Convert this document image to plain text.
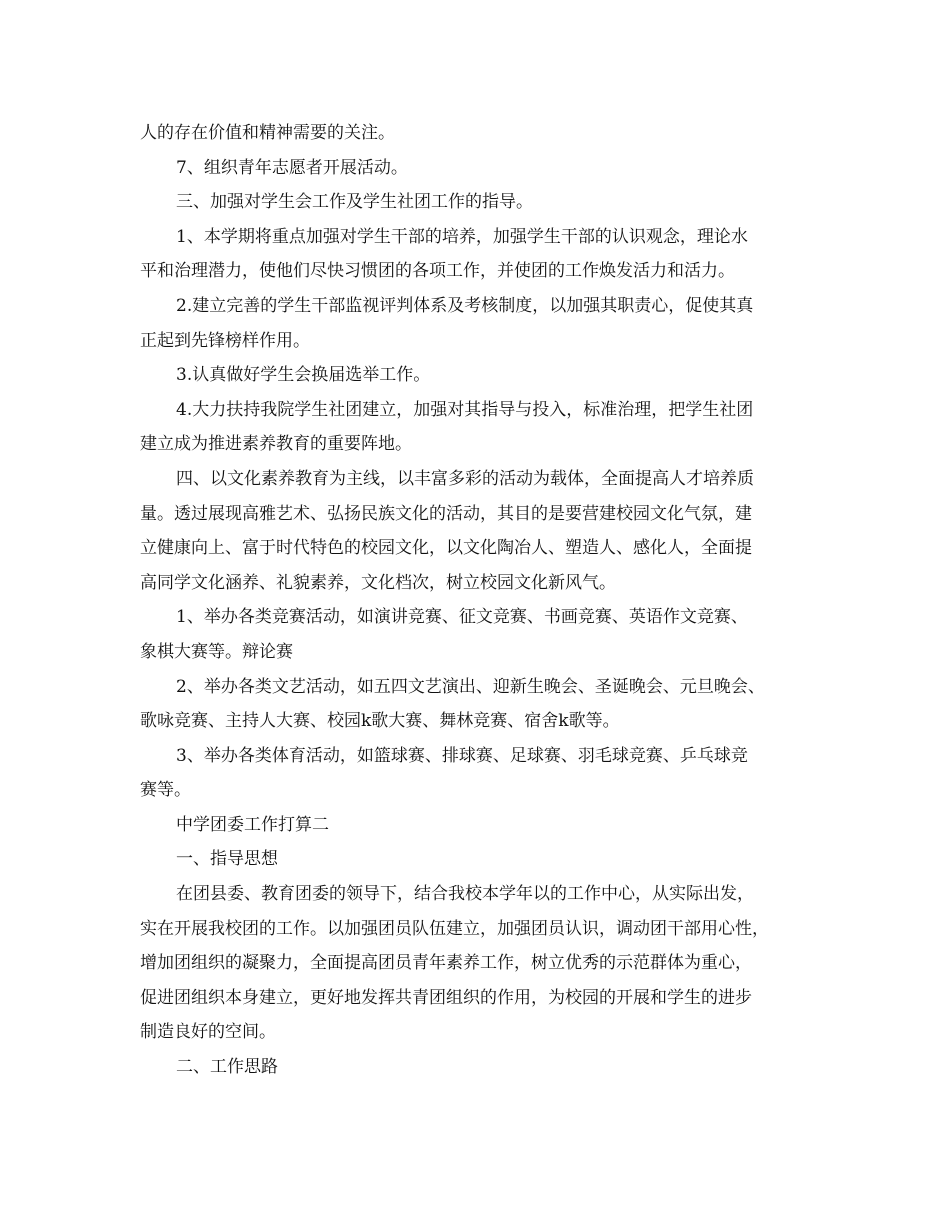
人的存在价值和精神需要的关注。
7、组织青年志愿者开展活动。
三、加强对学生会工作及学生社团工作的指导。
1、本学期将重点加强对学生干部的培养，加强学生干部的认识观念，理论水
平和治理潜力，使他们尽快习惯团的各项工作，并使团的工作焕发活力和活力。
2.建立完善的学生干部监视评判体系及考核制度，以加强其职责心，促使其真
正起到先锋榜样作用。
3.认真做好学生会换届选举工作。
4.大力扶持我院学生社团建立，加强对其指导与投入，标准治理，把学生社团
建立成为推进素养教育的重要阵地。
四、以文化素养教育为主线，以丰富多彩的活动为载体，全面提高人才培养质
量。透过展现高雅艺术、弘扬民族文化的活动，其目的是要营建校园文化气氛，建
立健康向上、富于时代特色的校园文化，以文化陶冶人、塑造人、感化人，全面提
高同学文化涵养、礼貌素养，文化档次，树立校园文化新风气。
1、举办各类竞赛活动，如演讲竞赛、征文竞赛、书画竞赛、英语作文竞赛、
象棋大赛等。辩论赛
2、举办各类文艺活动，如五四文艺演出、迎新生晚会、圣诞晚会、元旦晚会、
歌咏竞赛、主持人大赛、校园k歌大赛、舞林竞赛、宿舍k歌等。
3、举办各类体育活动，如篮球赛、排球赛、足球赛、羽毛球竞赛、乒乓球竞
赛等。
中学团委工作打算二
一、指导思想
在团县委、教育团委的领导下，结合我校本学年以的工作中心，从实际出发，
实在开展我校团的工作。以加强团员队伍建立，加强团员认识，调动团干部用心性，
增加团组织的凝聚力，全面提高团员青年素养工作，树立优秀的示范群体为重心，
促进团组织本身建立，更好地发挥共青团组织的作用，为校园的开展和学生的进步
制造良好的空间。
二、工作思路
